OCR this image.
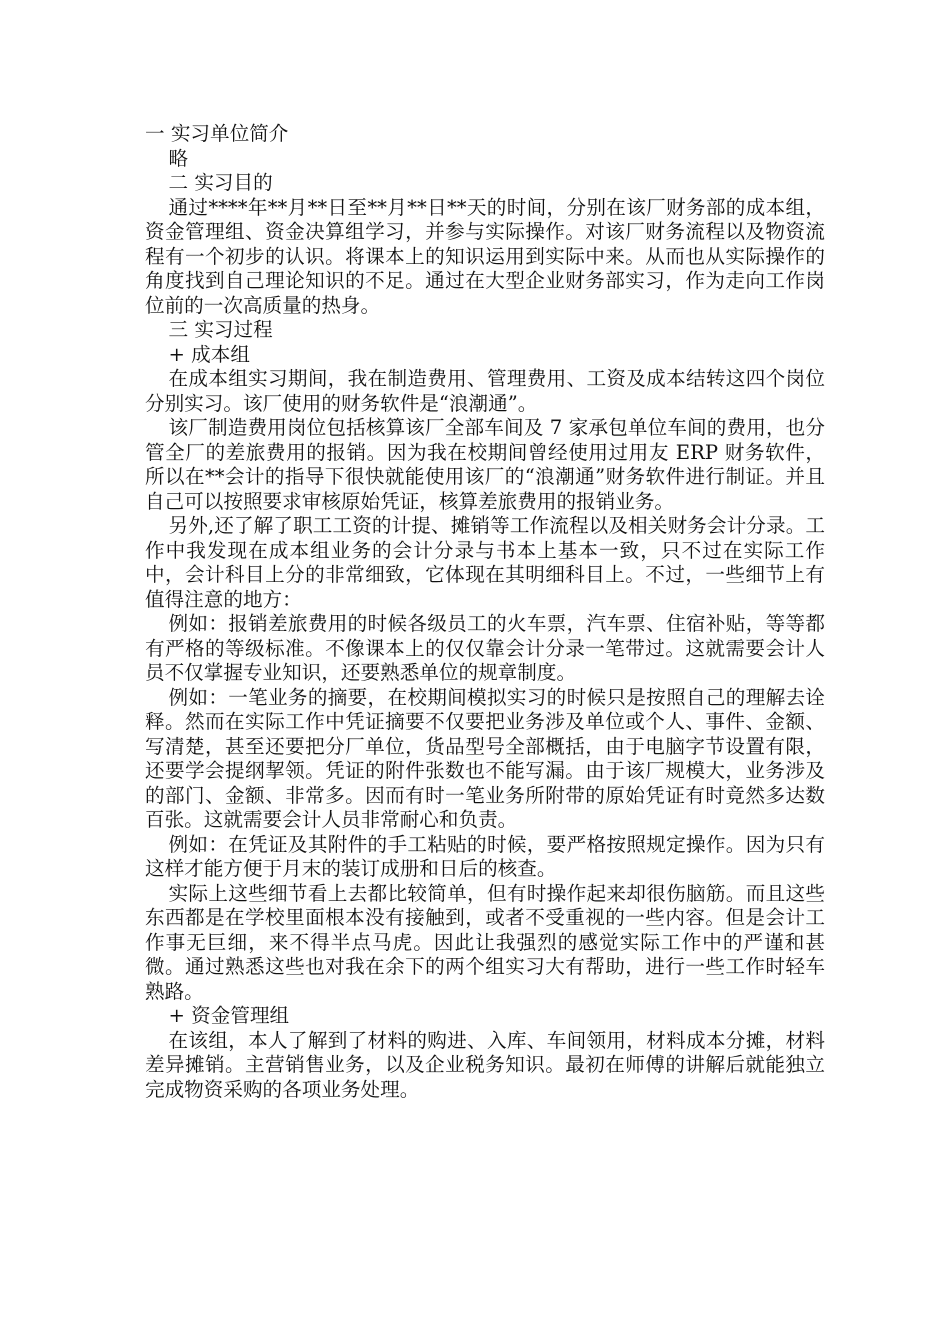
一 实习单位简介

略

二 实习目的

通过****年**月**日至**月**日**天的时间，分别在该厂财务部的成本组，资金管理组、资金决算组学习，并参与实际操作。对该厂财务流程以及物资流程有一个初步的认识。将课本上的知识运用到实际中来。从而也从实际操作的角度找到自己理论知识的不足。通过在大型企业财务部实习，作为走向工作岗位前的一次高质量的热身。

三 实习过程

+ 成本组

在成本组实习期间，我在制造费用、管理费用、工资及成本结转这四个岗位分别实习。该厂使用的财务软件是“浪潮通”。

该厂制造费用岗位包括核算该厂全部车间及 7 家承包单位车间的费用，也分管全厂的差旅费用的报销。因为我在校期间曾经使用过用友 ERP 财务软件，所以在**会计的指导下很快就能使用该厂的“浪潮通”财务软件进行制证。并且自己可以按照要求审核原始凭证，核算差旅费用的报销业务。

另外,还了解了职工工资的计提、摊销等工作流程以及相关财务会计分录。工作中我发现在成本组业务的会计分录与书本上基本一致，只不过在实际工作中，会计科目上分的非常细致，它体现在其明细科目上。不过，一些细节上有值得注意的地方：

例如：报销差旅费用的时候各级员工的火车票，汽车票、住宿补贴，等等都有严格的等级标准。不像课本上的仅仅靠会计分录一笔带过。这就需要会计人员不仅掌握专业知识，还要熟悉单位的规章制度。

例如：一笔业务的摘要，在校期间模拟实习的时候只是按照自己的理解去诠释。然而在实际工作中凭证摘要不仅要把业务涉及单位或个人、事件、金额、写清楚，甚至还要把分厂单位，货品型号全部概括，由于电脑字节设置有限，还要学会提纲挈领。凭证的附件张数也不能写漏。由于该厂规模大，业务涉及的部门、金额、非常多。因而有时一笔业务所附带的原始凭证有时竟然多达数百张。这就需要会计人员非常耐心和负责。

例如：在凭证及其附件的手工粘贴的时候，要严格按照规定操作。因为只有这样才能方便于月末的装订成册和日后的核查。

实际上这些细节看上去都比较简单，但有时操作起来却很伤脑筋。而且这些东西都是在学校里面根本没有接触到，或者不受重视的一些内容。但是会计工作事无巨细，来不得半点马虎。因此让我强烈的感觉实际工作中的严谨和甚微。通过熟悉这些也对我在余下的两个组实习大有帮助，进行一些工作时轻车熟路。

+ 资金管理组

在该组，本人了解到了材料的购进、入库、车间领用，材料成本分摊，材料差异摊销。主营销售业务，以及企业税务知识。最初在师傅的讲解后就能独立完成物资采购的各项业务处理。
